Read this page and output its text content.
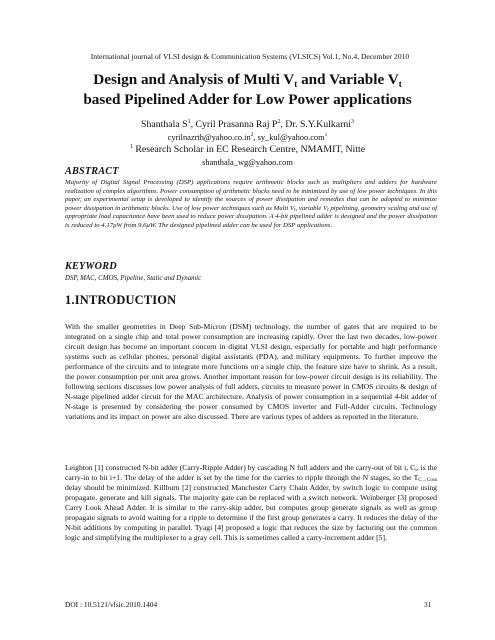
International journal of VLSI design & Communication Systems (VLSICS) Vol.1, No.4, December 2010
Design and Analysis of Multi $V_t$ and Variable $V_t$
based Pipelined Adder for Low Power applications
Shanthala $S^1$, Cyril Prasanna Raj $P^2$, Dr. S.Y.Kulkarni$^3$
$cyrilnazrth@yahoo.co.in^2$, sy_kul@yahoo.com$^1$
$^1$ Research Scholar in EC Research Centre, NMAMIT, Nitte
shanthala_wg@yahoo.com
ABSTRACT
Majority of Digital Signal Processing (DSP) applications require arithmetic blocks such as multipliers and adders for hardware realization of complex algorithms. Power consumption of arithmetic blocks need to be minimized by use of low power techniques. In this paper, an experimental setup is developed to identify the sources of power dissipation and remedies that can be adopted to minimize power dissipation in arithmetic blocks. Use of low power techniques such as Multi $V_t$, variable $V_t$ pipelining, geometry scaling and use of appropriate load capacitance have been used to reduce power dissipation. A 4-bit pipelined adder is designed and the power dissipation is reduced to 4.17μW from 9.6μW. The designed pipelined adder can be used for DSP applications.
KEYWORD
DSP, MAC, CMOS, Pipeline, Static and Dynamic
1.INTRODUCTION
With the smaller geometries in Deep Sub-Micron (DSM) technology, the number of gates that are required to be integrated on a single chip and total power consumption are increasing rapidly. Over the last two decades, low-power circuit design has become an important concern in digital VLSI design, especially for portable and high performance systems such as cellular phones, personal digital assistants (PDA), and military equipments. To further improve the performance of the circuits and to integrate more functions on a single chip, the feature size have to shrink. As a result, the power consumption per unit area grows. Another important reason for low-power circuit design is its reliability. The following sections discusses low power analysis of full adders, circuits to measure power in CMOS circuits & design of N-stage pipelined adder circuit for the MAC architecture. Analysis of power consumption in a sequential 4-bit adder of N-stage is presented by considering the power consumed by CMOS inverter and Full-Adder circuits. Technology variations and its impact on power are also discussed. There are various types of adders as reported in the literature.
Leighton [1] constructed N-bit adder (Carry-Ripple Adder) by cascading N full adders and the carry-out of bit i, $C_i$, is the carry-in to bit i+1. The delay of the adder is set by the time for the carries to ripple through the N stages, so the $T_{C\to Cout}$ delay should be minimized. Killburn [2] constructed Manchester Carry Chain Adder, by switch logic to compute using propagate, generate and kill signals. The majority gate can be replaced with a switch network. Weinberger [3] proposed Carry Look Ahead Adder. It is similar to the carry-skip adder, but computes group generate signals as well as group propagate signals to avoid waiting for a ripple to determine if the first group generates a carry. It reduces the delay of the N-bit additions by computing in parallel. Tyagi [4] proposed a logic that reduces the size by factoring out the common logic and simplifying the multiplexer to a gray cell. This is sometimes called a carry-increment adder [5].
DOI : 10.5121/vlsic.2010.1404	31
